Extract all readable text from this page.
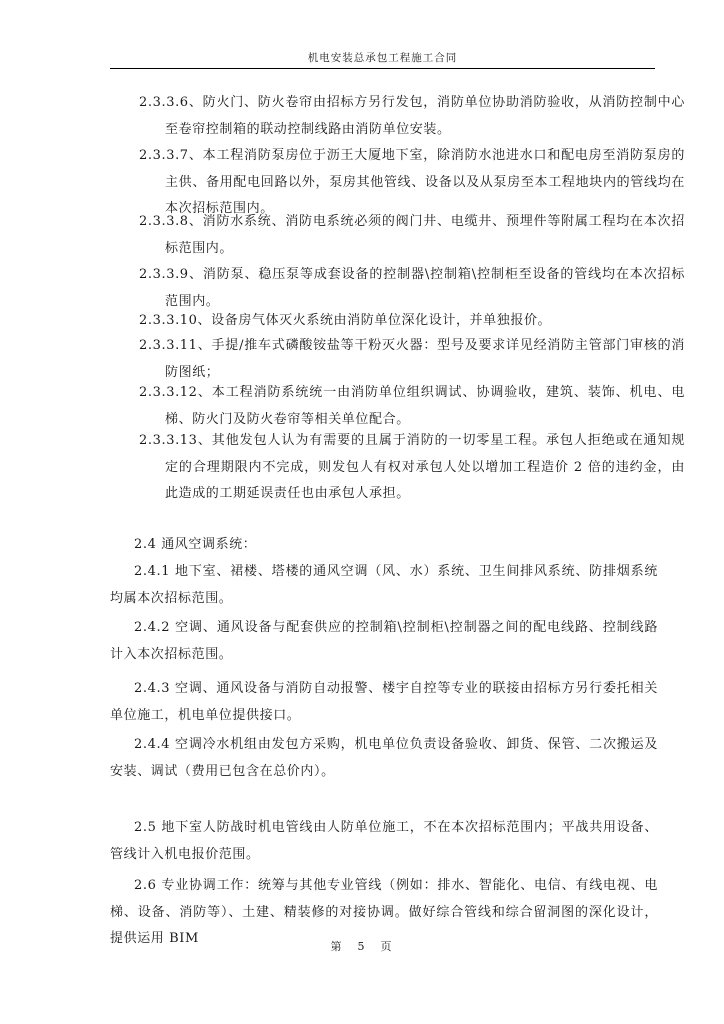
机电安装总承包工程施工合同

2.3.3.6、防火门、防火卷帘由招标方另行发包，消防单位协助消防验收，从消防控制中心至卷帘控制箱的联动控制线路由消防单位安装。

2.3.3.7、本工程消防泵房位于沥王大厦地下室，除消防水池进水口和配电房至消防泵房的主供、备用配电回路以外，泵房其他管线、设备以及从泵房至本工程地块内的管线均在本次招标范围内。

2.3.3.8、消防水系统、消防电系统必须的阀门井、电缆井、预埋件等附属工程均在本次招标范围内。

2.3.3.9、消防泵、稳压泵等成套设备的控制器\控制箱\控制柜至设备的管线均在本次招标范围内。

2.3.3.10、设备房气体灭火系统由消防单位深化设计，并单独报价。

2.3.3.11、手提/推车式磷酸铵盐等干粉灭火器：型号及要求详见经消防主管部门审核的消防图纸；

2.3.3.12、本工程消防系统统一由消防单位组织调试、协调验收，建筑、装饰、机电、电梯、防火门及防火卷帘等相关单位配合。

2.3.3.13、其他发包人认为有需要的且属于消防的一切零星工程。承包人拒绝或在通知规定的合理期限内不完成，则发包人有权对承包人处以增加工程造价 2 倍的违约金，由此造成的工期延误责任也由承包人承担。

2.4 通风空调系统：

2.4.1 地下室、裙楼、塔楼的通风空调（风、水）系统、卫生间排风系统、防排烟系统均属本次招标范围。

2.4.2 空调、通风设备与配套供应的控制箱\控制柜\控制器之间的配电线路、控制线路计入本次招标范围。

2.4.3 空调、通风设备与消防自动报警、楼宇自控等专业的联接由招标方另行委托相关单位施工，机电单位提供接口。

2.4.4 空调冷水机组由发包方采购，机电单位负责设备验收、卸货、保管、二次搬运及安装、调试（费用已包含在总价内）。

2.5 地下室人防战时机电管线由人防单位施工，不在本次招标范围内；平战共用设备、管线计入机电报价范围。

2.6 专业协调工作：统筹与其他专业管线（例如：排水、智能化、电信、有线电视、电梯、设备、消防等）、土建、精装修的对接协调。做好综合管线和综合留洞图的深化设计，提供运用 BIM

第 5 页
